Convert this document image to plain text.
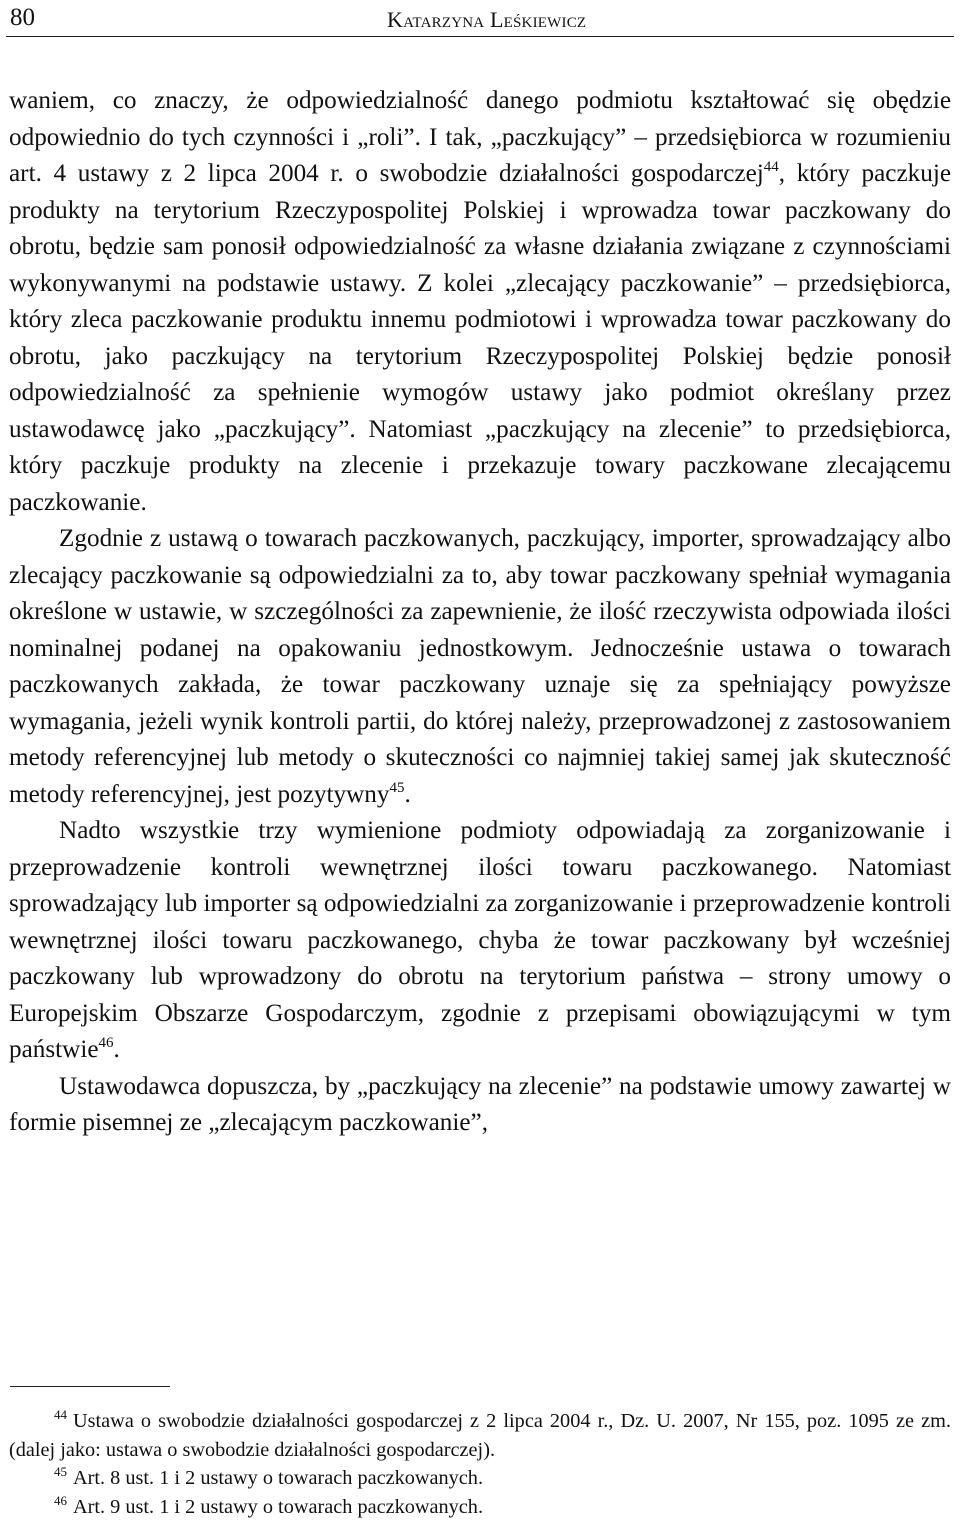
80	Katarzyna Leśkiewicz

waniem, co znaczy, że odpowiedzialność danego podmiotu kształtować się obędzie odpowiednio do tych czynności i „roli”. I tak, „paczkujący” – przedsiębiorca w rozumieniu art. 4 ustawy z 2 lipca 2004 r. o swobodzie działalności gospodarczej$^{44}$, który paczkuje produkty na terytorium Rzeczypospolitej Polskiej i wprowadza towar paczkowany do obrotu, będzie sam ponosił odpowiedzialność za własne działania związane z czynnościami wykonywanymi na podstawie ustawy. Z kolei „zlecający paczkowanie” – przedsiębiorca, który zleca paczkowanie produktu innemu podmiotowi i wprowadza towar paczkowany do obrotu, jako paczkujący na terytorium Rzeczypospolitej Polskiej będzie ponosił odpowiedzialność za spełnienie wymogów ustawy jako podmiot określany przez ustawodawcę jako „paczkujący”. Natomiast „paczkujący na zlecenie” to przedsiębiorca, który paczkuje produkty na zlecenie i przekazuje towary paczkowane zlecającemu paczkowanie.

Zgodnie z ustawą o towarach paczkowanych, paczkujący, importer, sprowadzający albo zlecający paczkowanie są odpowiedzialni za to, aby towar paczkowany spełniał wymagania określone w ustawie, w szczególności za zapewnienie, że ilość rzeczywista odpowiada ilości nominalnej podanej na opakowaniu jednostkowym. Jednocześnie ustawa o towarach paczkowanych zakłada, że towar paczkowany uznaje się za spełniający powyższe wymagania, jeżeli wynik kontroli partii, do której należy, przeprowadzonej z zastosowaniem metody referencyjnej lub metody o skuteczności co najmniej takiej samej jak skuteczność metody referencyjnej, jest pozytywny$^{45}$.

Nadto wszystkie trzy wymienione podmioty odpowiadają za zorganizowanie i przeprowadzenie kontroli wewnętrznej ilości towaru paczkowanego. Natomiast sprowadzający lub importer są odpowiedzialni za zorganizowanie i przeprowadzenie kontroli wewnętrznej ilości towaru paczkowanego, chyba że towar paczkowany był wcześniej paczkowany lub wprowadzony do obrotu na terytorium państwa – strony umowy o Europejskim Obszarze Gospodarczym, zgodnie z przepisami obowiązującymi w tym państwie$^{46}$.

Ustawodawca dopuszcza, by „paczkujący na zlecenie” na podstawie umowy zawartej w formie pisemnej ze „zlecającym paczkowanie”,

$^{44}$ Ustawa o swobodzie działalności gospodarczej z 2 lipca 2004 r., Dz. U. 2007, Nr 155, poz. 1095 ze zm. (dalej jako: ustawa o swobodzie działalności gospodarczej).

$^{45}$ Art. 8 ust. 1 i 2 ustawy o towarach paczkowanych.

$^{46}$ Art. 9 ust. 1 i 2 ustawy o towarach paczkowanych.
